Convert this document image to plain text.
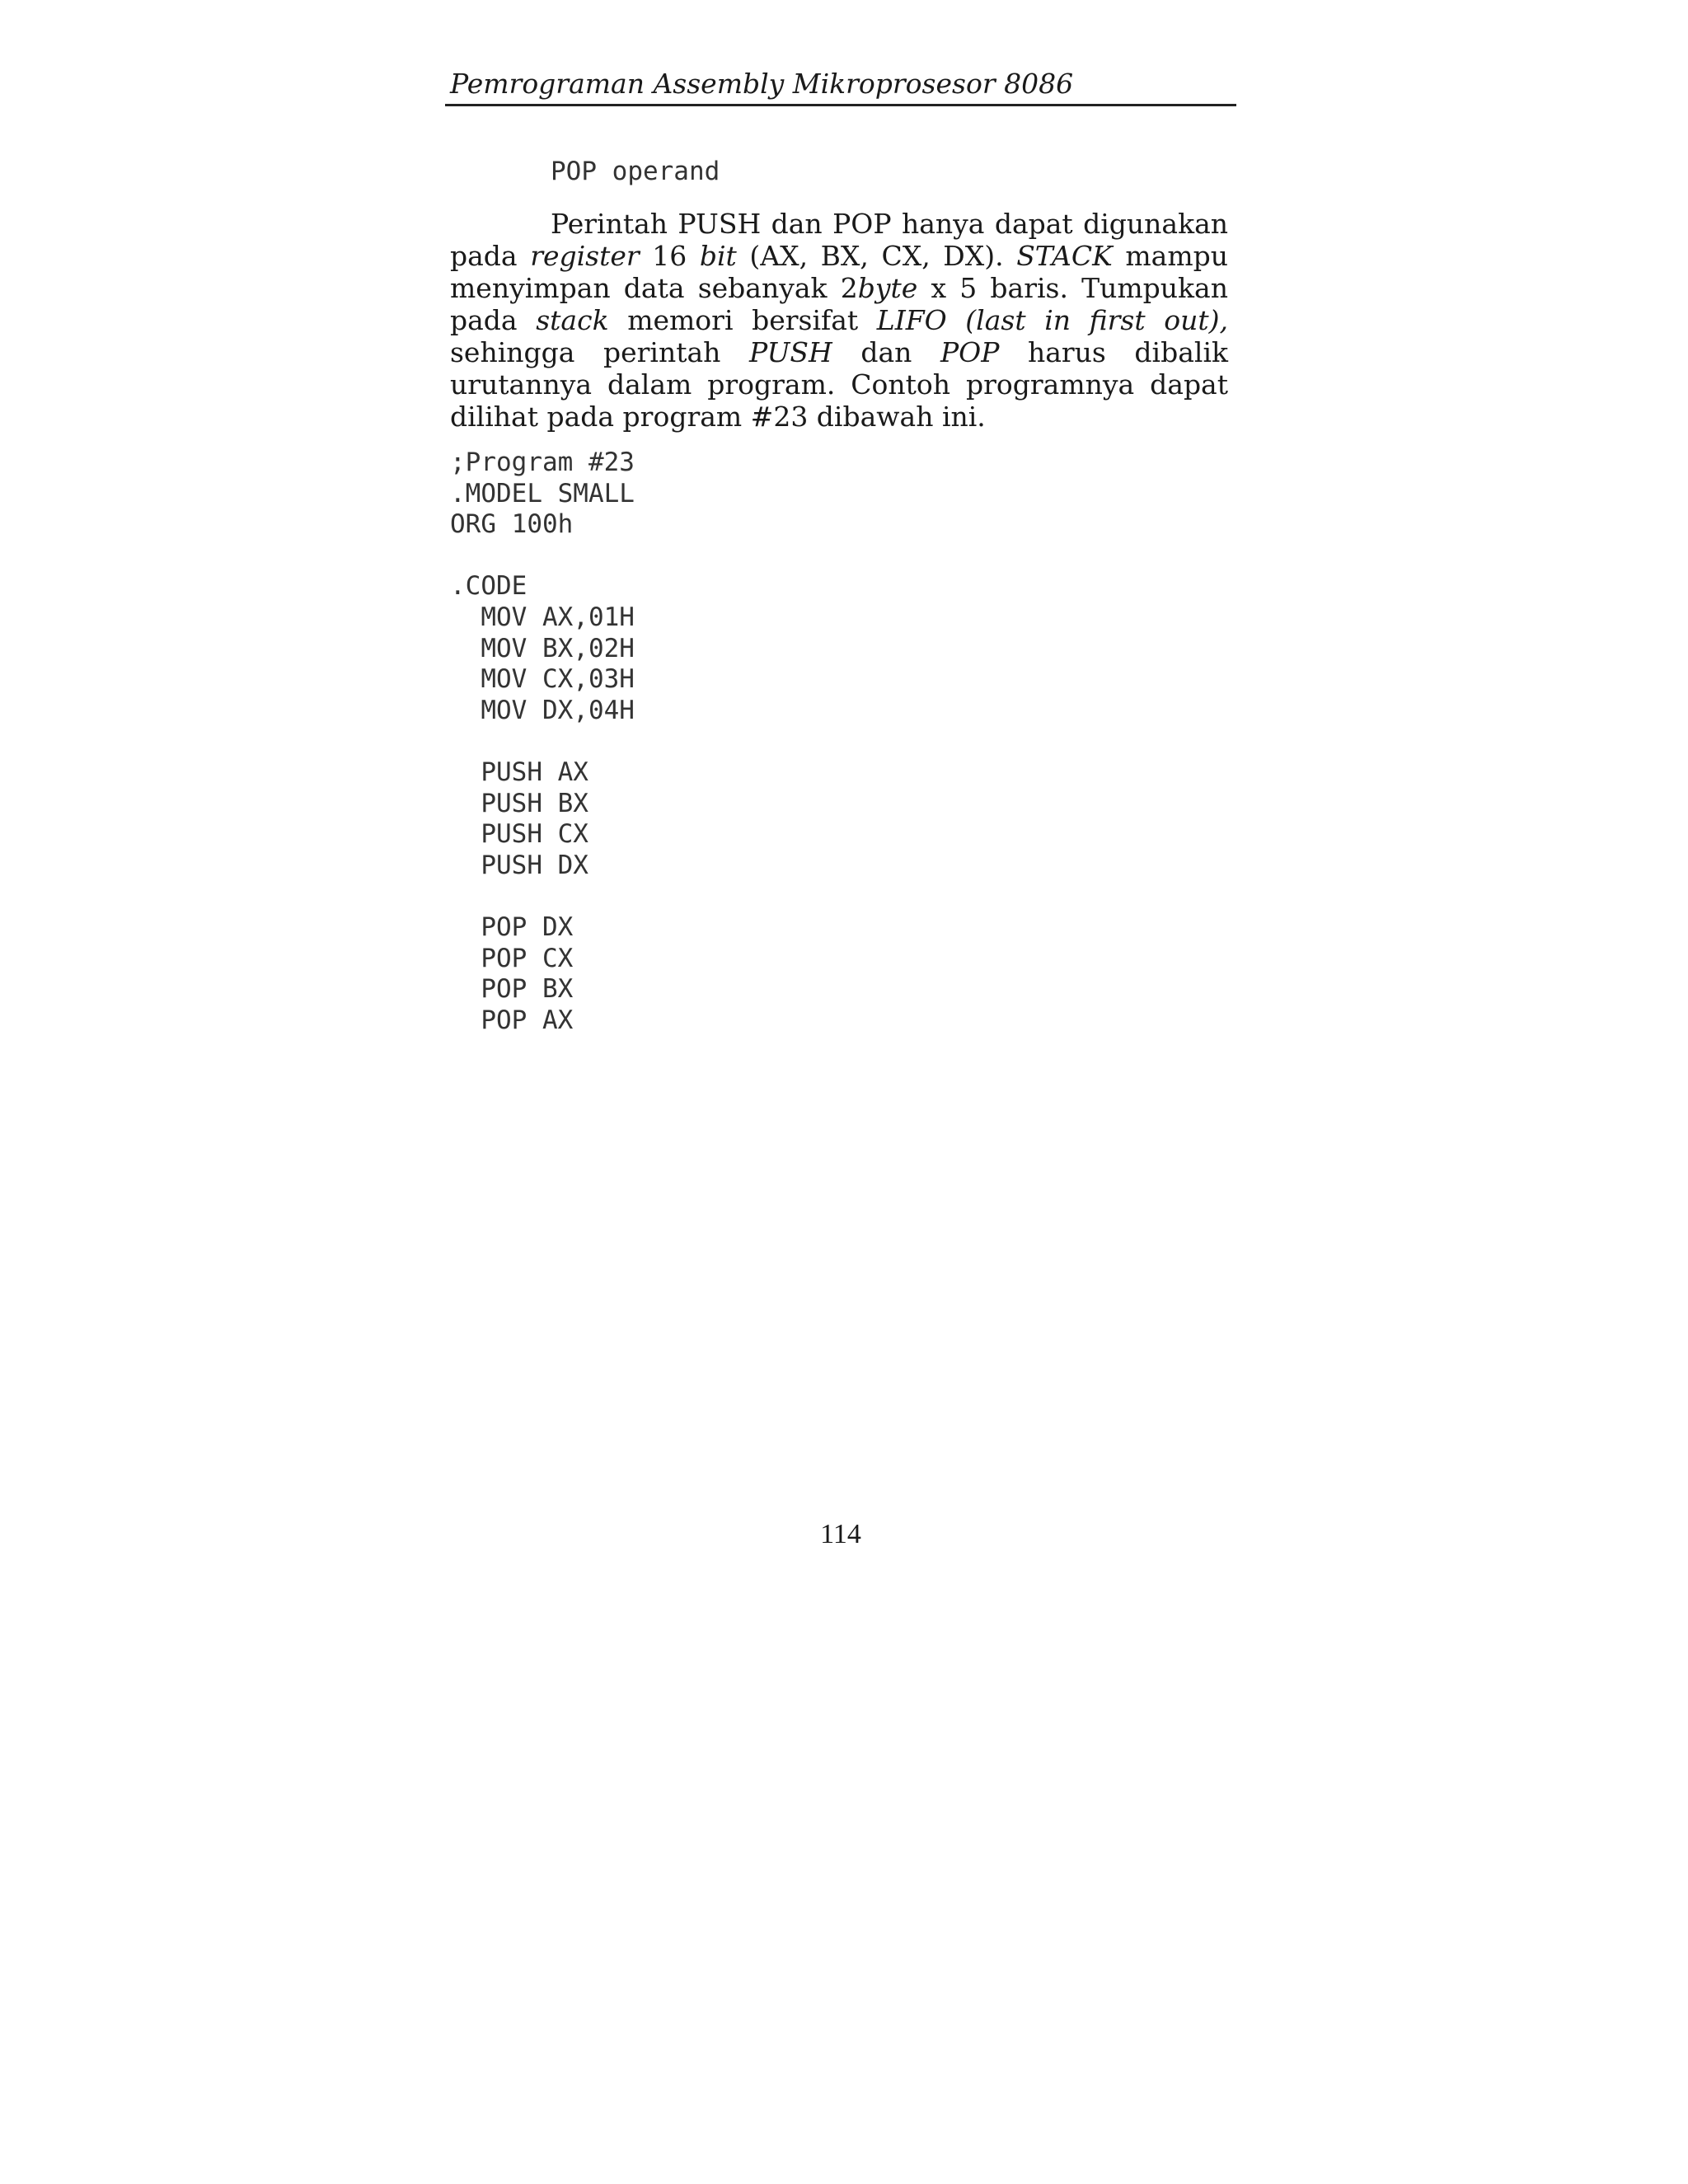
Pemrograman Assembly Mikroprosesor 8086
POP operand

Perintah PUSH dan POP hanya dapat digunakan pada register 16 bit (AX, BX, CX, DX). STACK mampu menyimpan data sebanyak 2byte x 5 baris. Tumpukan pada stack memori bersifat LIFO (last in first out), sehingga perintah PUSH dan POP harus dibalik urutannya dalam program. Contoh programnya dapat dilihat pada program #23 dibawah ini.

;Program #23
.MODEL SMALL
ORG 100h
.CODE
MOV AX,01H
MOV BX,02H
MOV CX,03H
MOV DX,04H
PUSH AX
PUSH BX
PUSH CX
PUSH DX
POP DX
POP CX
POP BX
POP AX
114
